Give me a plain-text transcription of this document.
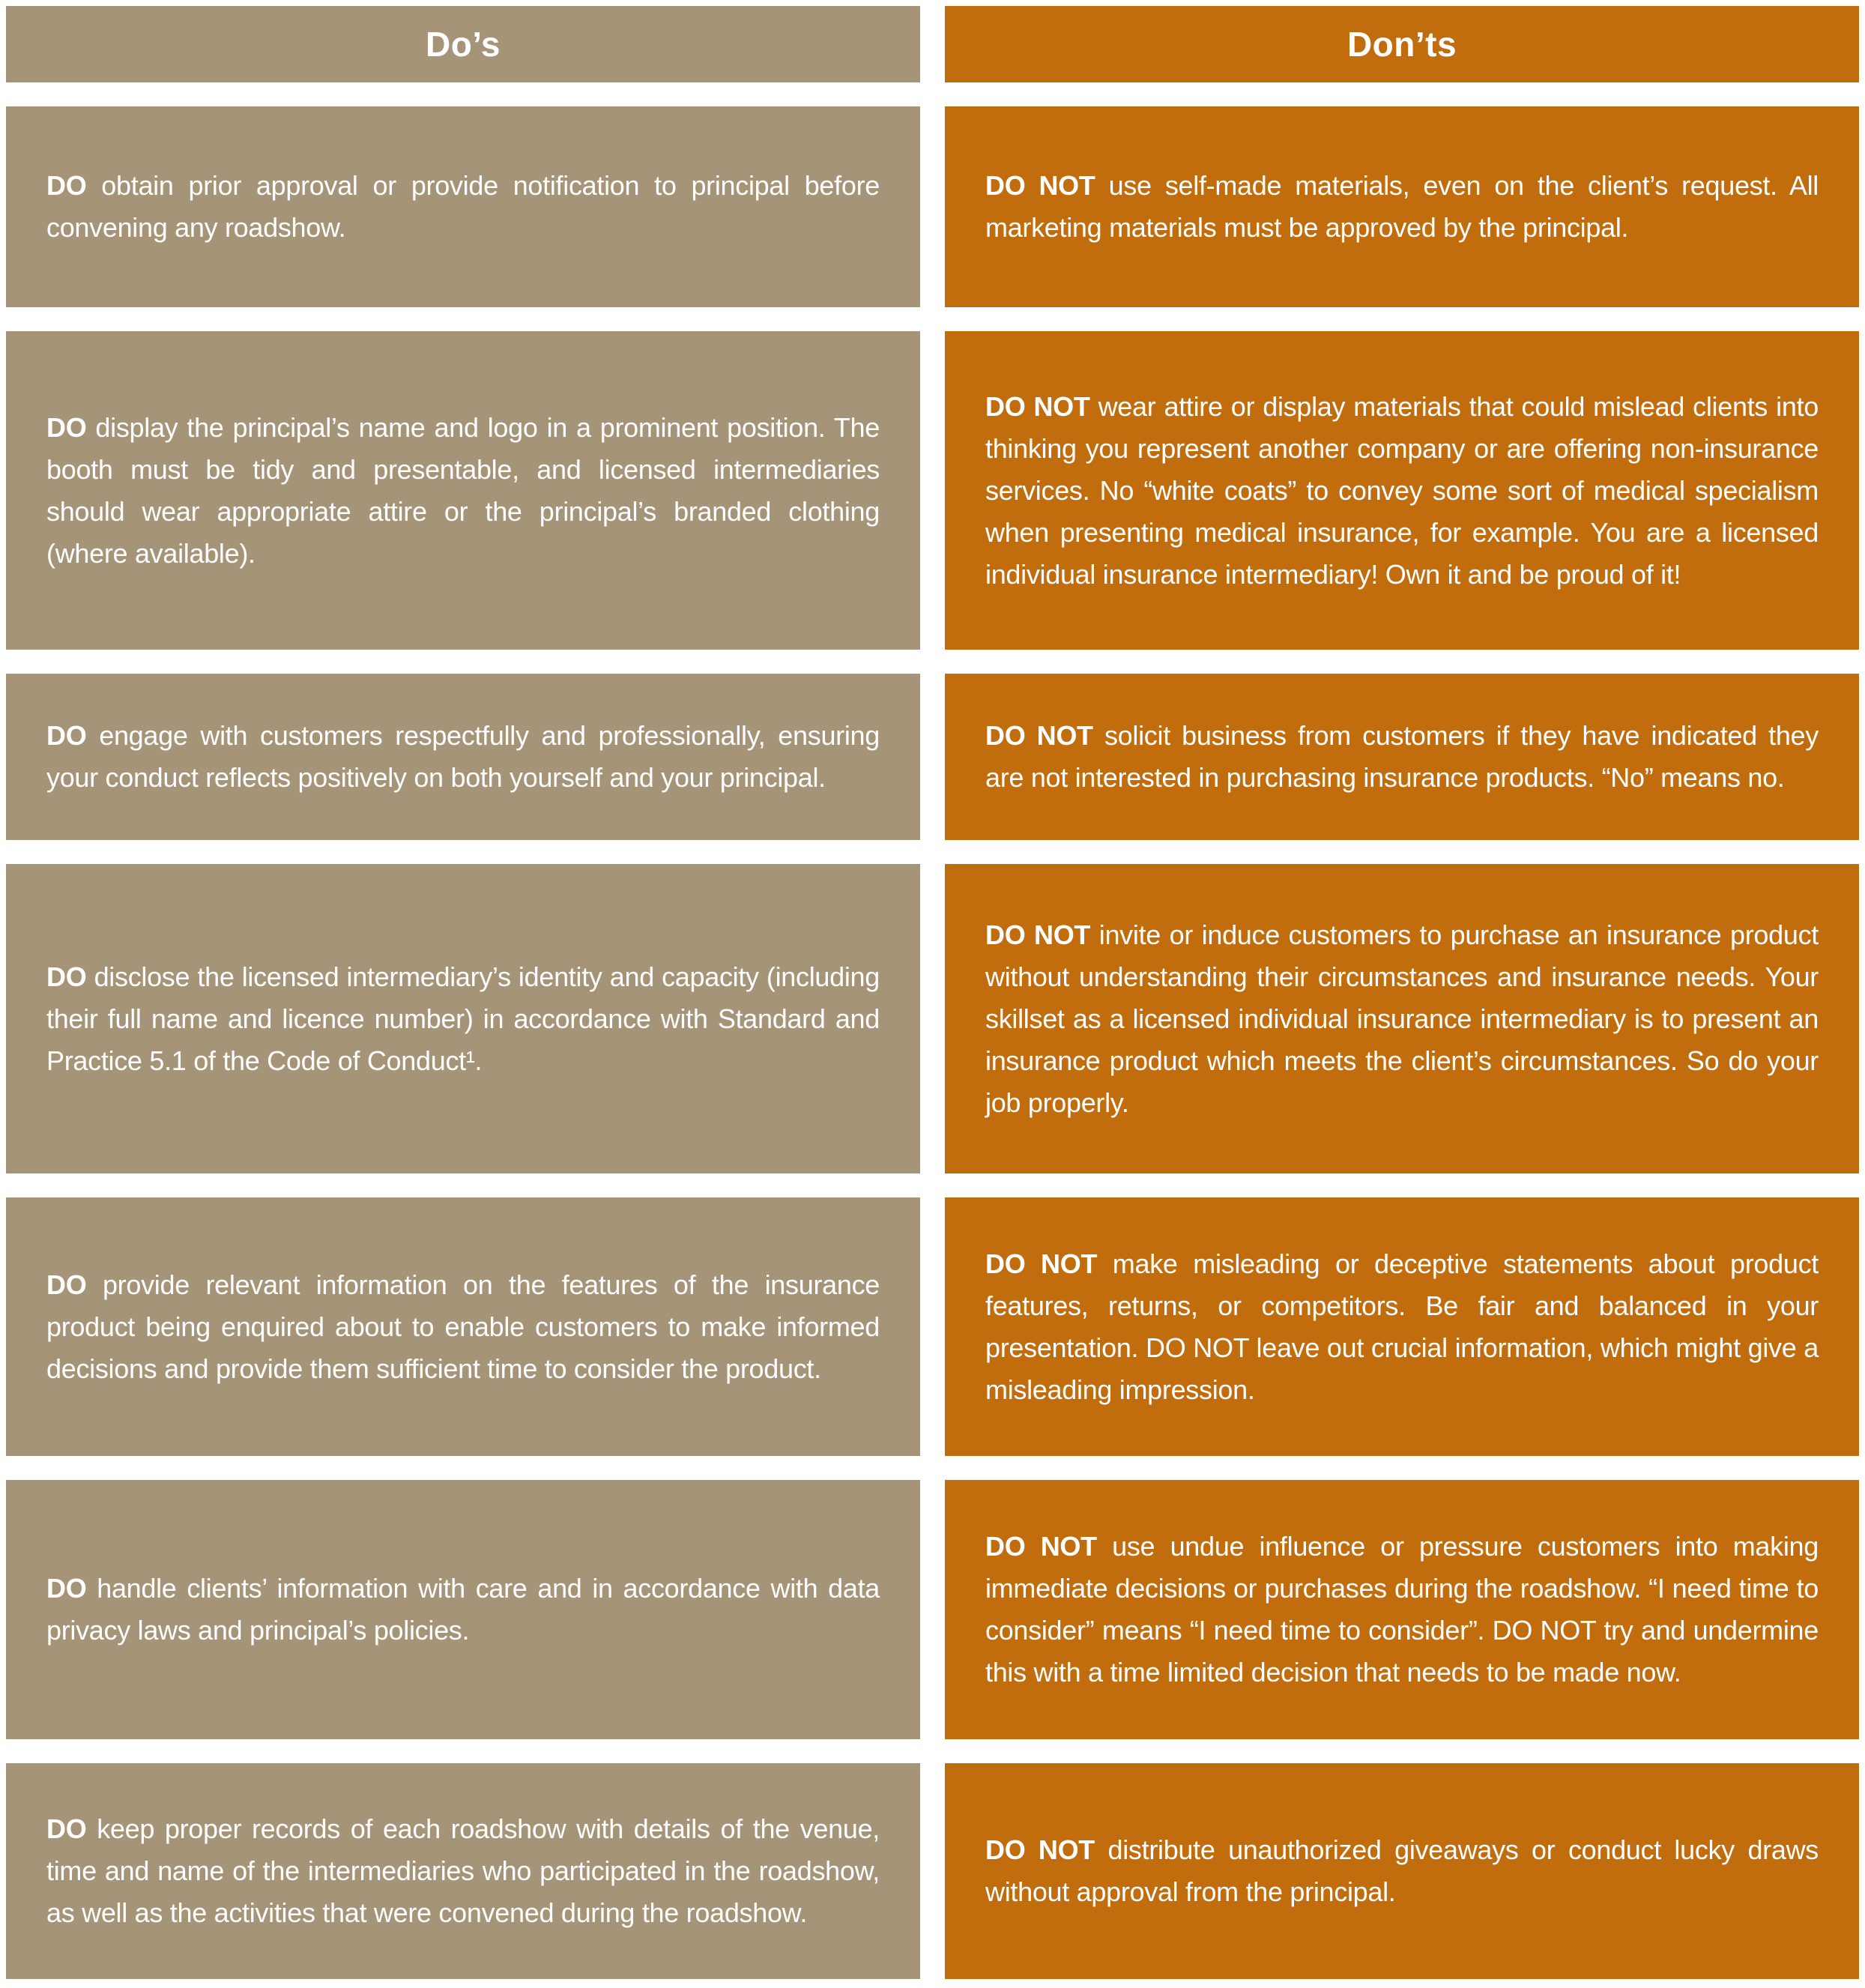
Do’s	Don’ts
DO obtain prior approval or provide notification to principal before convening any roadshow.
DO NOT use self-made materials, even on the client’s request. All marketing materials must be approved by the principal.
DO display the principal’s name and logo in a prominent position. The booth must be tidy and presentable, and licensed intermediaries should wear appropriate attire or the principal’s branded clothing (where available).
DO NOT wear attire or display materials that could mislead clients into thinking you represent another company or are offering non-insurance services. No “white coats” to convey some sort of medical specialism when presenting medical insurance, for example. You are a licensed individual insurance intermediary! Own it and be proud of it!
DO engage with customers respectfully and professionally, ensuring your conduct reflects positively on both yourself and your principal.
DO NOT solicit business from customers if they have indicated they are not interested in purchasing insurance products. “No” means no.
DO disclose the licensed intermediary’s identity and capacity (including their full name and licence number) in accordance with Standard and Practice 5.1 of the Code of Conduct¹.
DO NOT invite or induce customers to purchase an insurance product without understanding their circumstances and insurance needs. Your skillset as a licensed individual insurance intermediary is to present an insurance product which meets the client’s circumstances. So do your job properly.
DO provide relevant information on the features of the insurance product being enquired about to enable customers to make informed decisions and provide them sufficient time to consider the product.
DO NOT make misleading or deceptive statements about product features, returns, or competitors. Be fair and balanced in your presentation. DO NOT leave out crucial information, which might give a misleading impression.
DO handle clients’ information with care and in accordance with data privacy laws and principal’s policies.
DO NOT use undue influence or pressure customers into making immediate decisions or purchases during the roadshow. “I need time to consider” means “I need time to consider”. DO NOT try and undermine this with a time limited decision that needs to be made now.
DO keep proper records of each roadshow with details of the venue, time and name of the intermediaries who participated in the roadshow, as well as the activities that were convened during the roadshow.
DO NOT distribute unauthorized giveaways or conduct lucky draws without approval from the principal.
